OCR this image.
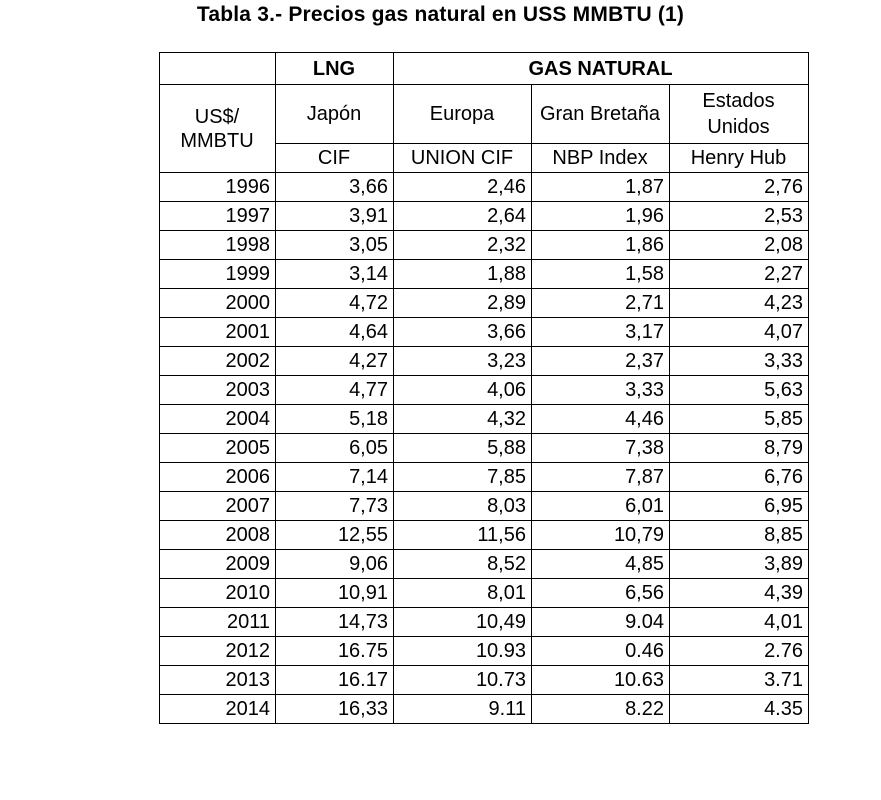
Tabla 3.- Precios gas natural en USS MMBTU (1)
	LNG	GAS NATURAL		
US$/ MMBTU	Japón	Europa	Gran Bretaña	Estados Unidos
	CIF	UNION CIF	NBP Index	Henry Hub
1996	3,66	2,46	1,87	2,76
1997	3,91	2,64	1,96	2,53
1998	3,05	2,32	1,86	2,08
1999	3,14	1,88	1,58	2,27
2000	4,72	2,89	2,71	4,23
2001	4,64	3,66	3,17	4,07
2002	4,27	3,23	2,37	3,33
2003	4,77	4,06	3,33	5,63
2004	5,18	4,32	4,46	5,85
2005	6,05	5,88	7,38	8,79
2006	7,14	7,85	7,87	6,76
2007	7,73	8,03	6,01	6,95
2008	12,55	11,56	10,79	8,85
2009	9,06	8,52	4,85	3,89
2010	10,91	8,01	6,56	4,39
2011	14,73	10,49	9.04	4,01
2012	16.75	10.93	0.46	2.76
2013	16.17	10.73	10.63	3.71
2014	16,33	9.11	8.22	4.35
